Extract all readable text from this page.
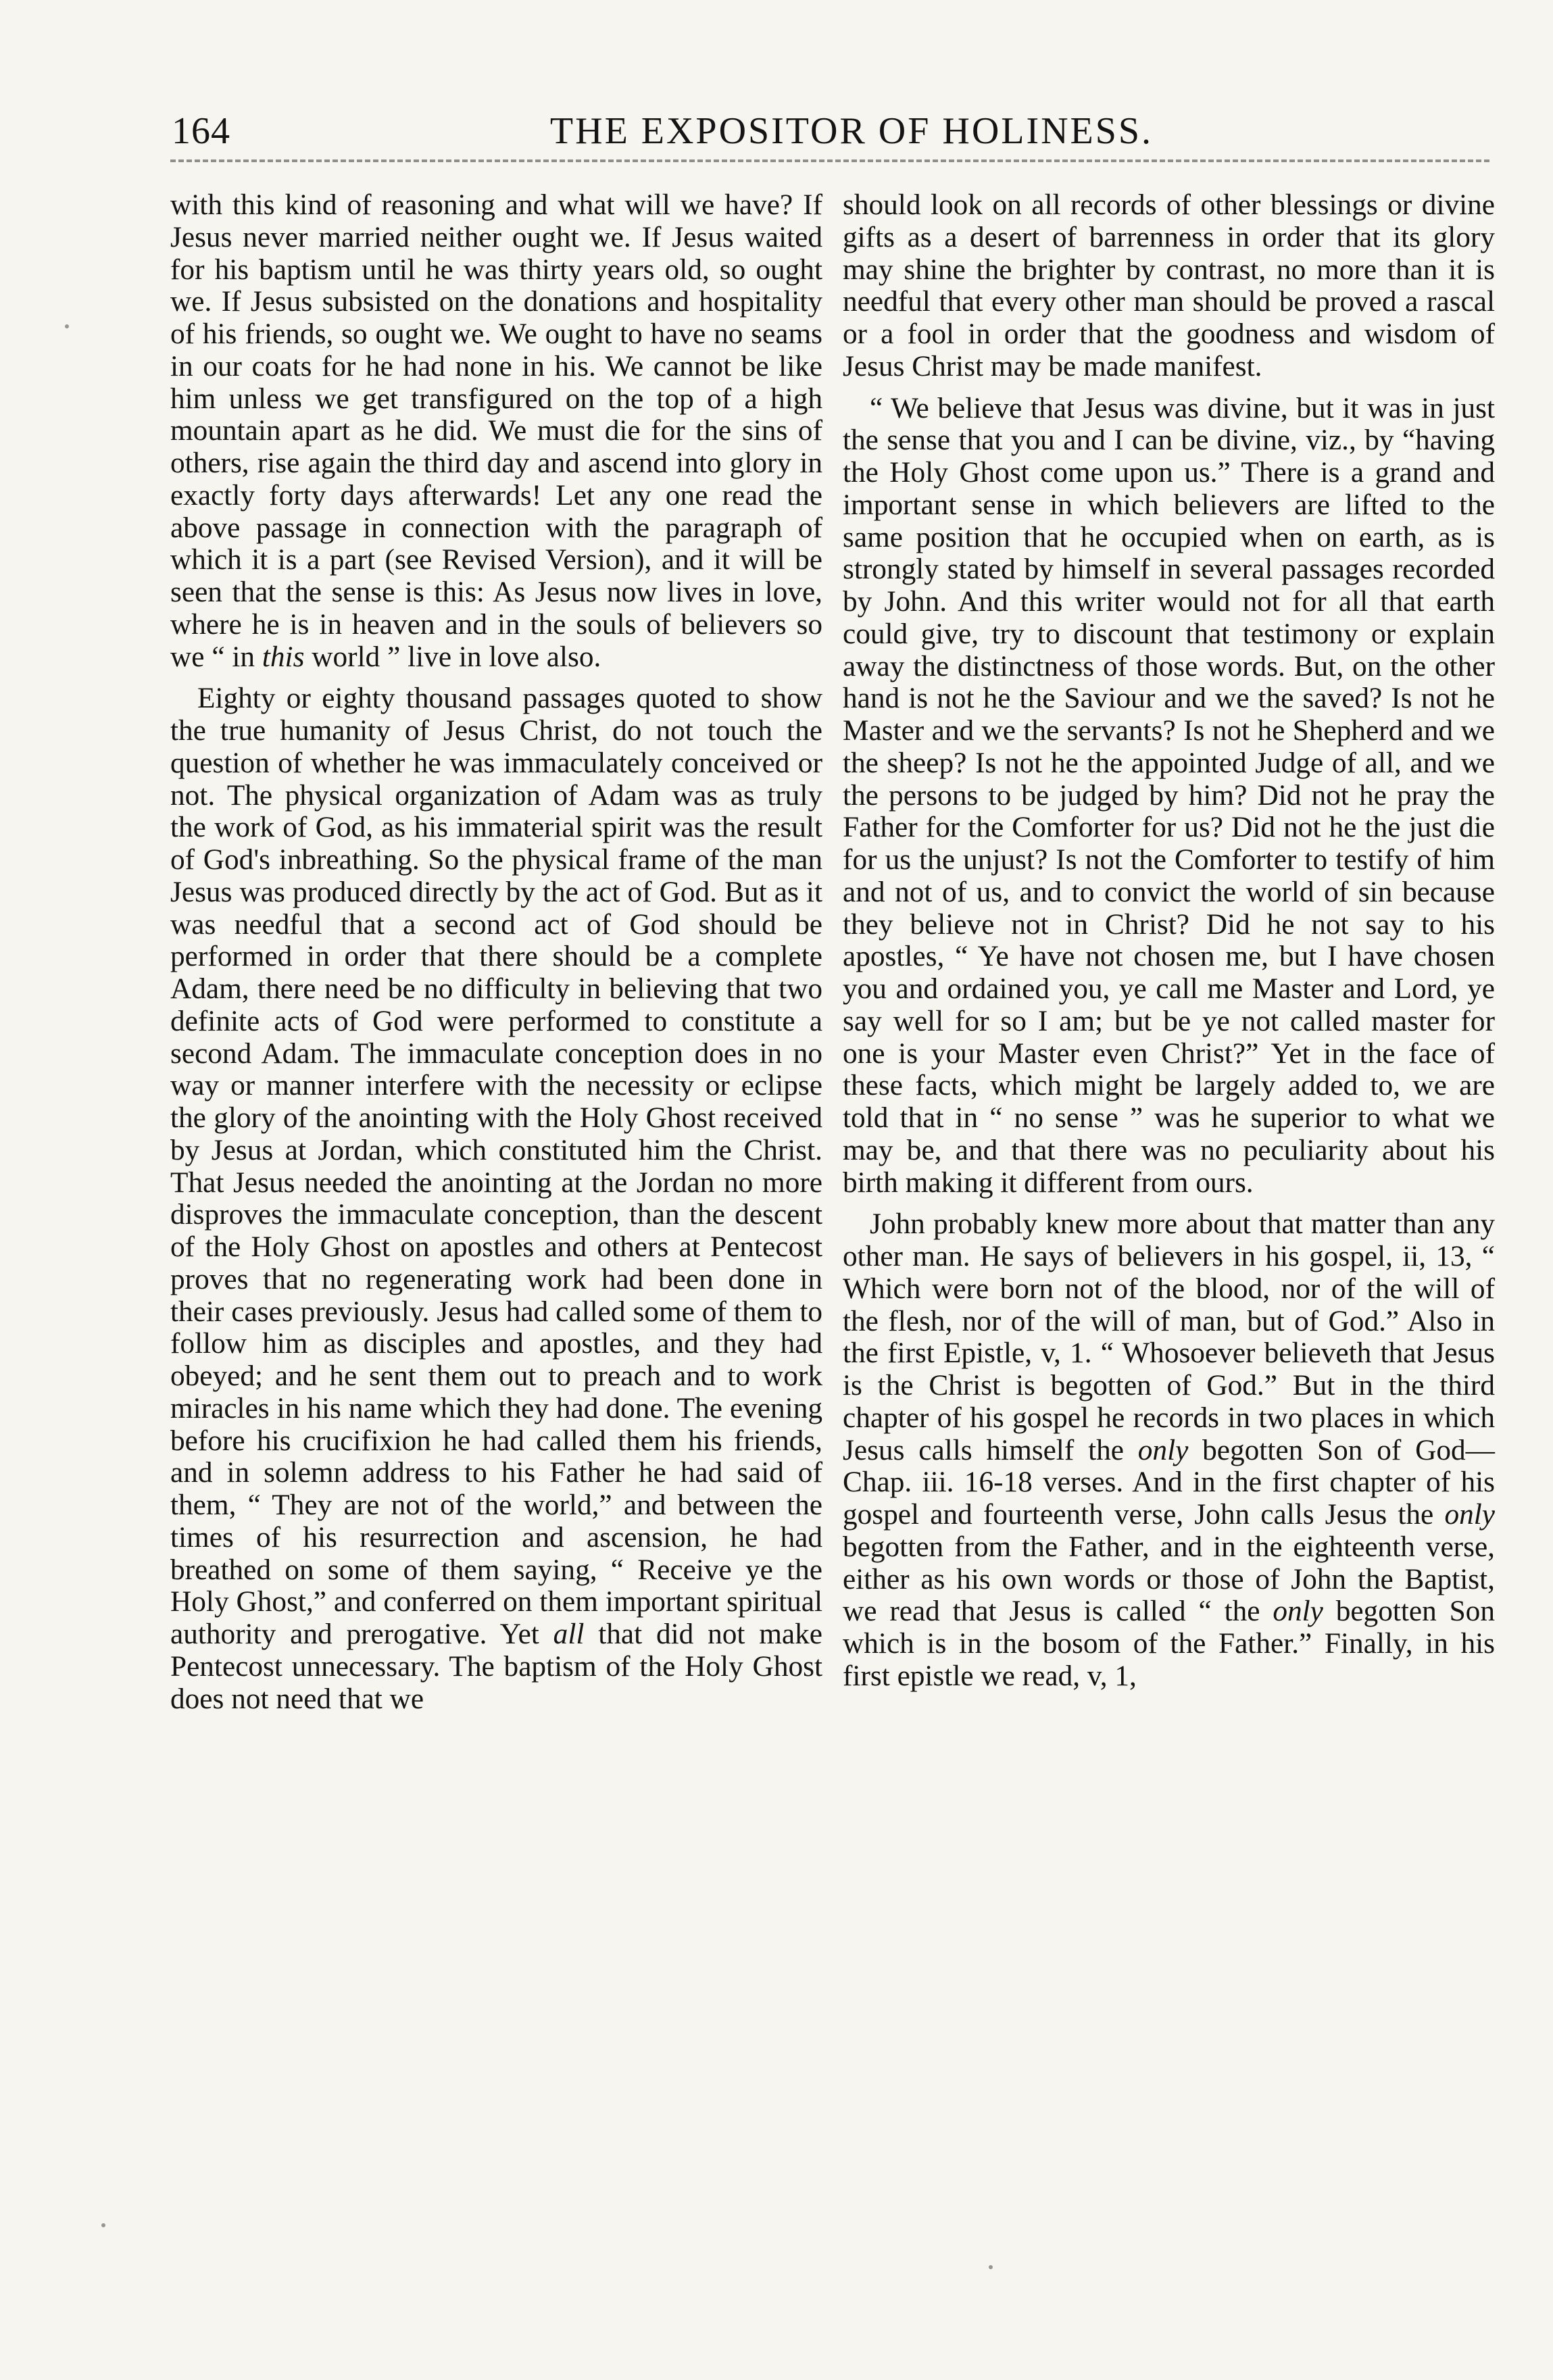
164	THE EXPOSITOR OF HOLINESS.

with this kind of reasoning and what will we have? If Jesus never married neither ought we. If Jesus waited for his baptism until he was thirty years old, so ought we. If Jesus subsisted on the donations and hospitality of his friends, so ought we. We ought to have no seams in our coats for he had none in his. We cannot be like him unless we get transfigured on the top of a high mountain apart as he did. We must die for the sins of others, rise again the third day and ascend into glory in exactly forty days afterwards! Let any one read the above passage in connection with the paragraph of which it is a part (see Revised Version), and it will be seen that the sense is this: As Jesus now lives in love, where he is in heaven and in the souls of believers so we “ in this world ” live in love also.

Eighty or eighty thousand passages quoted to show the true humanity of Jesus Christ, do not touch the question of whether he was immaculately conceived or not. The physical organization of Adam was as truly the work of God, as his immaterial spirit was the result of God's inbreathing. So the physical frame of the man Jesus was produced directly by the act of God. But as it was needful that a second act of God should be performed in order that there should be a complete Adam, there need be no difficulty in believing that two definite acts of God were performed to constitute a second Adam. The immaculate conception does in no way or manner interfere with the necessity or eclipse the glory of the anointing with the Holy Ghost received by Jesus at Jordan, which constituted him the Christ. That Jesus needed the anointing at the Jordan no more disproves the immaculate conception, than the descent of the Holy Ghost on apostles and others at Pentecost proves that no regenerating work had been done in their cases previously. Jesus had called some of them to follow him as disciples and apostles, and they had obeyed; and he sent them out to preach and to work miracles in his name which they had done. The evening before his crucifixion he had called them his friends, and in solemn address to his Father he had said of them, “ They are not of the world,” and between the times of his resurrection and ascension, he had breathed on some of them saying, “ Receive ye the Holy Ghost,” and conferred on them important spiritual authority and prerogative. Yet all that did not make Pentecost unnecessary. The baptism of the Holy Ghost does not need that we

should look on all records of other blessings or divine gifts as a desert of barrenness in order that its glory may shine the brighter by contrast, no more than it is needful that every other man should be proved a rascal or a fool in order that the goodness and wisdom of Jesus Christ may be made manifest.

“ We believe that Jesus was divine, but it was in just the sense that you and I can be divine, viz., by “having the Holy Ghost come upon us.” There is a grand and important sense in which believers are lifted to the same position that he occupied when on earth, as is strongly stated by himself in several passages recorded by John. And this writer would not for all that earth could give, try to discount that testimony or explain away the distinctness of those words. But, on the other hand is not he the Saviour and we the saved? Is not he Master and we the servants? Is not he Shepherd and we the sheep? Is not he the appointed Judge of all, and we the persons to be judged by him? Did not he pray the Father for the Comforter for us? Did not he the just die for us the unjust? Is not the Comforter to testify of him and not of us, and to convict the world of sin because they believe not in Christ? Did he not say to his apostles, “ Ye have not chosen me, but I have chosen you and ordained you, ye call me Master and Lord, ye say well for so I am; but be ye not called master for one is your Master even Christ?” Yet in the face of these facts, which might be largely added to, we are told that in “ no sense ” was he superior to what we may be, and that there was no peculiarity about his birth making it different from ours.

John probably knew more about that matter than any other man. He says of believers in his gospel, ii, 13, “ Which were born not of the blood, nor of the will of the flesh, nor of the will of man, but of God.” Also in the first Epistle, v, 1. “ Whosoever believeth that Jesus is the Christ is begotten of God.” But in the third chapter of his gospel he records in two places in which Jesus calls himself the only begotten Son of God—Chap. iii. 16-18 verses. And in the first chapter of his gospel and fourteenth verse, John calls Jesus the only begotten from the Father, and in the eighteenth verse, either as his own words or those of John the Baptist, we read that Jesus is called “ the only begotten Son which is in the bosom of the Father.” Finally, in his first epistle we read, v, 1,
